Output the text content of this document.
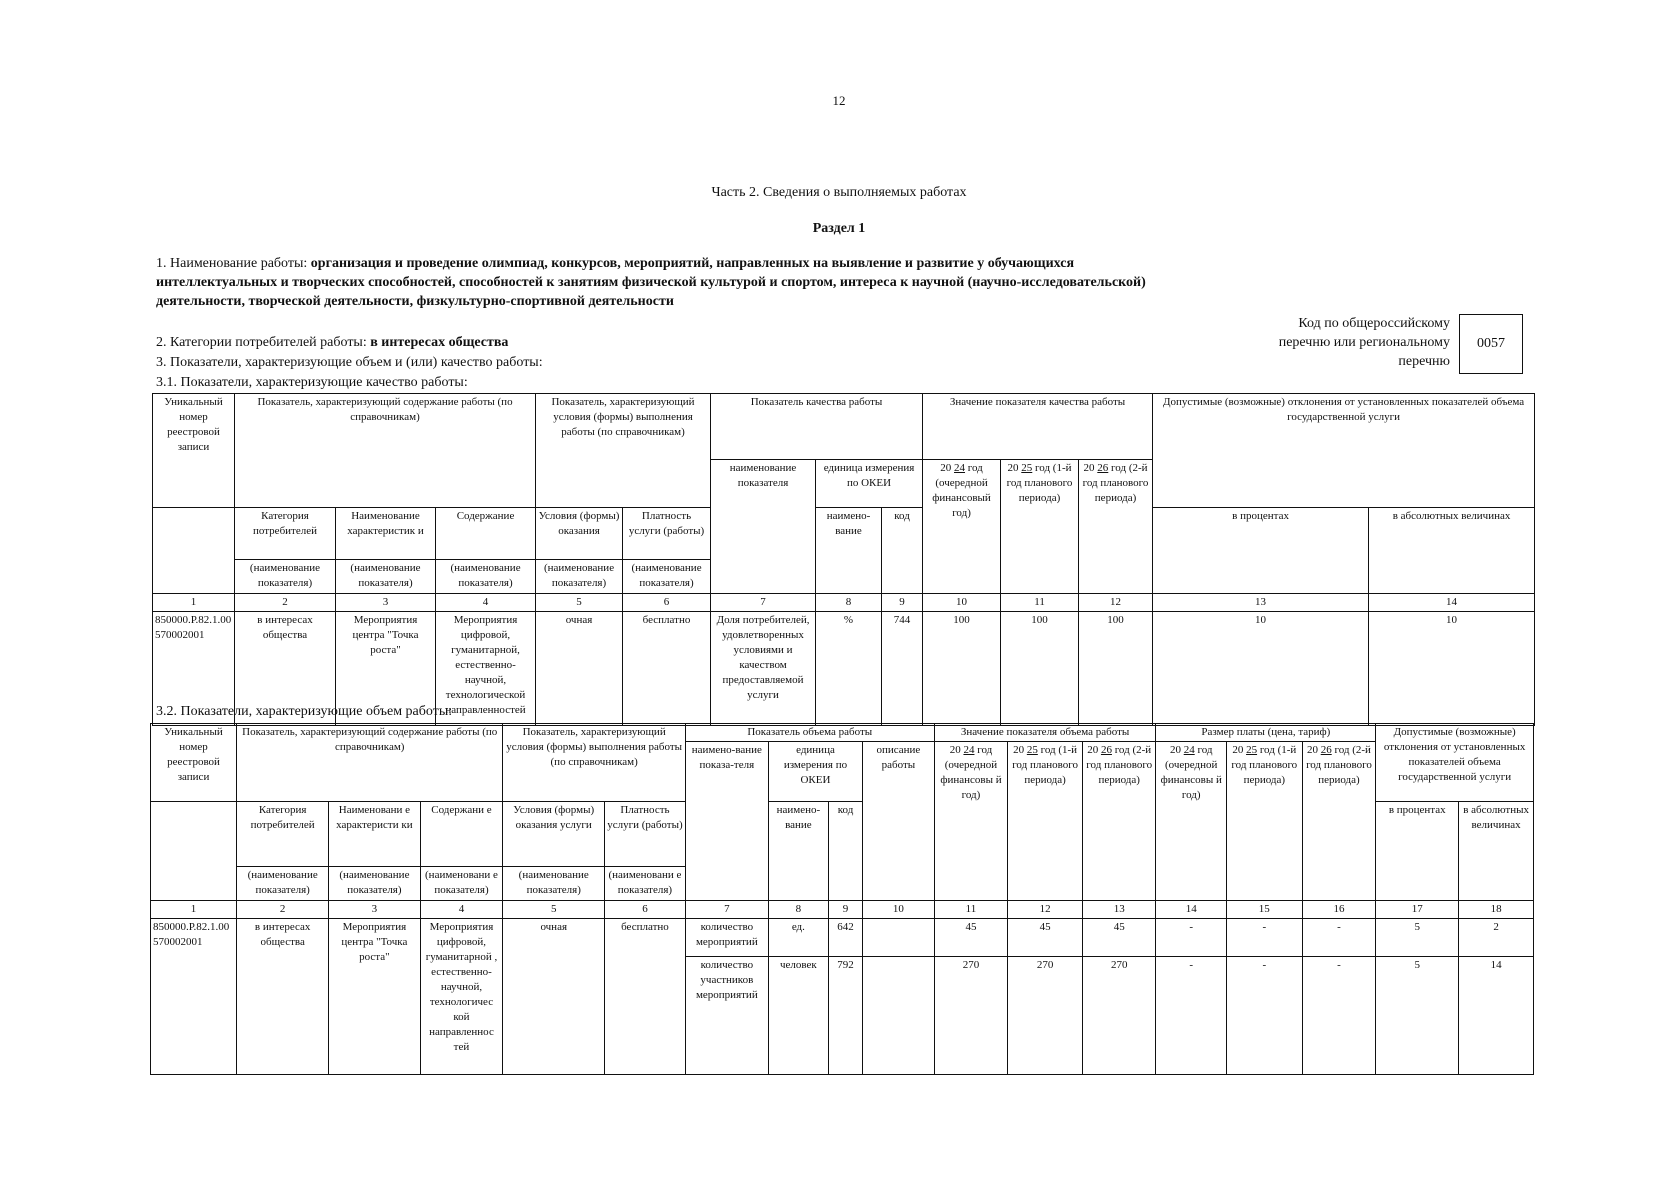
12
Часть 2. Сведения о выполняемых работах
Раздел 1
1. Наименование работы: организация и проведение олимпиад, конкурсов, мероприятий, направленных на выявление и развитие у обучающихся интеллектуальных и творческих способностей, способностей к занятиям физической культурой и спортом, интереса к научной (научно-исследовательской) деятельности, творческой деятельности, физкультурно-спортивной деятельности
Код по общероссийскому перечню или региональному перечню
0057
2. Категории потребителей работы: в интересах общества
3. Показатели, характеризующие объем и (или) качество работы:
3.1. Показатели, характеризующие качество работы:
Уникальный номер реестровой записи	Показатель, характеризующий содержание работы (по справочникам)			Показатель, характеризующий условия (формы) выполнения работы (по справочникам)		Показатель качества работы			Значение показателя качества работы			Допустимые (возможные) отклонения от установленных показателей объема государственной услуги	
						наименование показателя	единица измерения по ОКЕИ		20 24 год (очередной финансовый год)	20 25 год (1-й год планового периода)	20 26 год (2-й год планового периода)		
	Категория потребителей	Наименование характеристик и	Содержание	Условия (формы) оказания	Платность услуги (работы)		наимено-вание	код				в процентах	в абсолютных величинах
	(наименование показателя)	(наименование показателя)	(наименование показателя)	(наименование показателя)	(наименование показателя)								
1	2	3	4	5	6	7	8	9	10	11	12	13	14
850000.Р.82.1.00570002001	в интересах общества	Мероприятия центра "Точка роста"	Мероприятия цифровой, гуманитарной, естественно-научной, технологической направленностей	очная	бесплатно	Доля потребителей, удовлетворенных условиями и качеством предоставляемой услуги	%	744	100	100	100	10	10
3.2. Показатели, характеризующие объем работы:
Уникальный номер реестровой записи	Показатель, характеризующий содержание работы (по справочникам)			Показатель, характеризующий условия (формы) выполнения работы (по справочникам)		Показатель объема работы				Значение показателя объема работы			Размер платы (цена, тариф)			Допустимые (возможные) отклонения от установленных показателей объема государственной услуги	
						наимено-вание показа-теля	единица измерения по ОКЕИ		описание работы	20 24 год (очередной финансовы й год)	20 25 год (1-й год планового периода)	20 26 год (2-й год планового периода)	20 24 год (очередной финансовы й год)	20 25 год (1-й год планового периода)	20 26 год (2-й год планового периода)		
	Категория потребителей	Наименовани е характеристи ки	Содержани е	Условия (формы) оказания услуги	Платность услуги (работы)		наимено-вание	код								в процентах	в абсолютных величинах
	(наименование показателя)	(наименование показателя)	(наименовани е показателя)	(наименование показателя)	(наименовани е показателя)												
1	2	3	4	5	6	7	8	9	10	11	12	13	14	15	16	17	18
850000.Р.82.1.00570002001	в интересах общества	Мероприятия центра "Точка роста"	Мероприятия цифровой, гуманитарной , естественно-научной, технологичес кой направленнос тей	очная	бесплатно	количество мероприятий	ед.	642		45	45	45	-	-	-	5	2
						количество участников мероприятий	человек	792		270	270	270	-	-	-	5	14
